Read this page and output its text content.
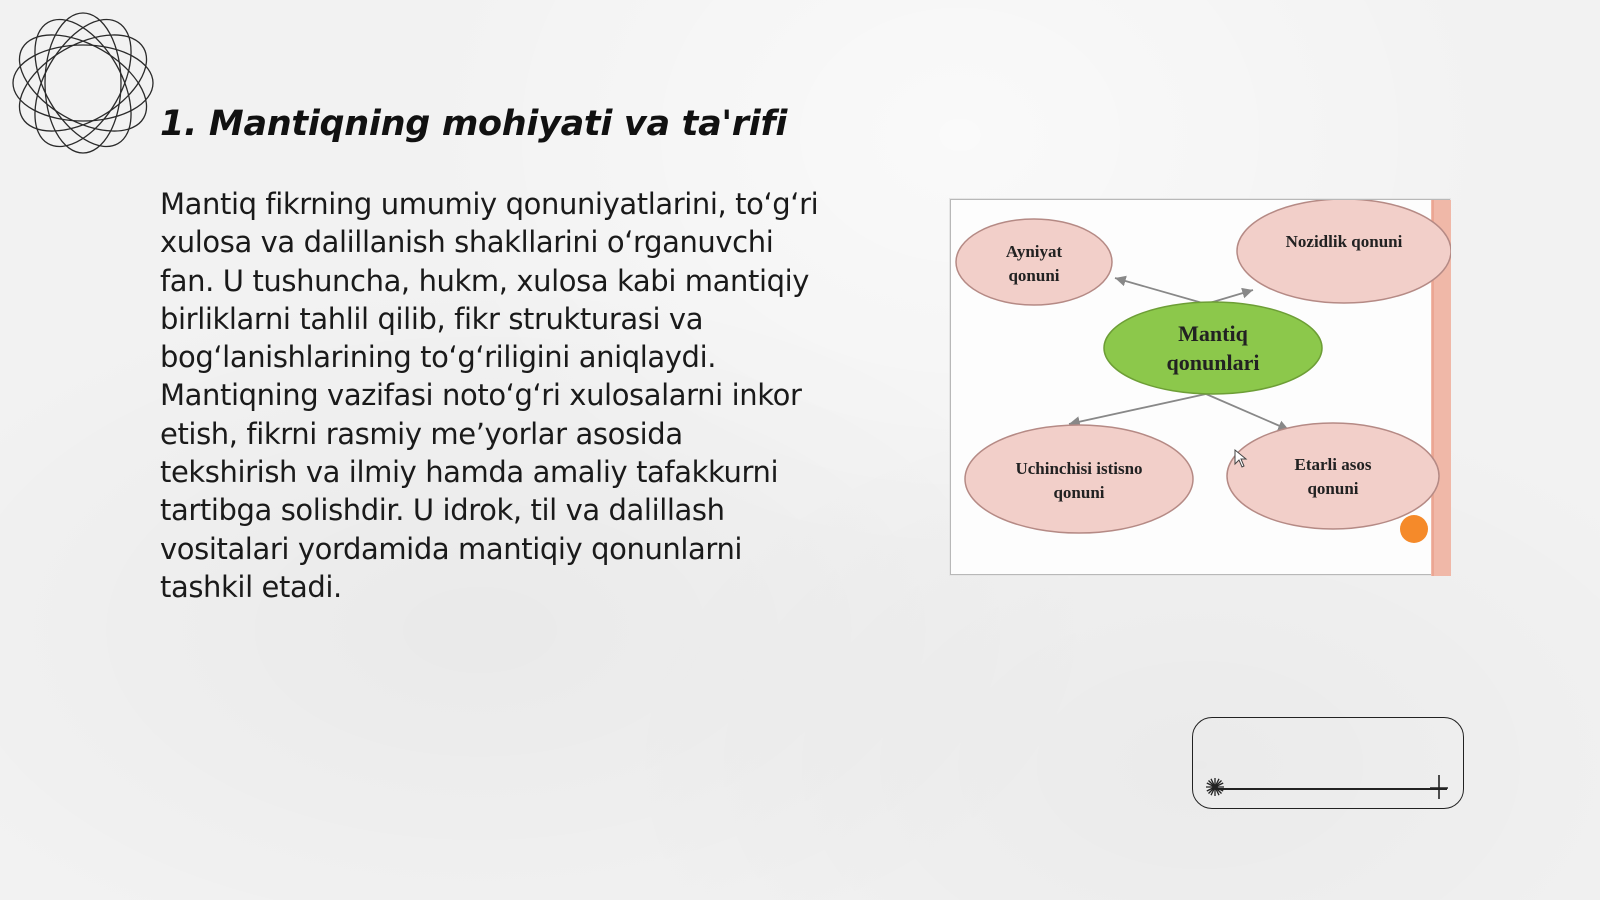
1. Mantiqning mohiyati va ta'rifi

Mantiq fikrning umumiy qonuniyatlarini, to‘g‘ri xulosa va dalillanish shakllarini o‘rganuvchi fan. U tushuncha, hukm, xulosa kabi mantiqiy birliklarni tahlil qilib, fikr strukturasi va bog‘lanishlarining to‘g‘riligini aniqlaydi. Mantiqning vazifasi noto‘g‘ri xulosalarni inkor etish, fikrni rasmiy me’yorlar asosida tekshirish va ilmiy hamda amaliy tafakkurni tartibga solishdir. U idrok, til va dalillash vositalari yordamida mantiqiy qonunlarni tashkil etadi.

Ayniyat
qonuni
Nozidlik qonuni
Mantiq
qonunlari
Uchinchisi istisno
qonuni
Etarli asos
qonuni
